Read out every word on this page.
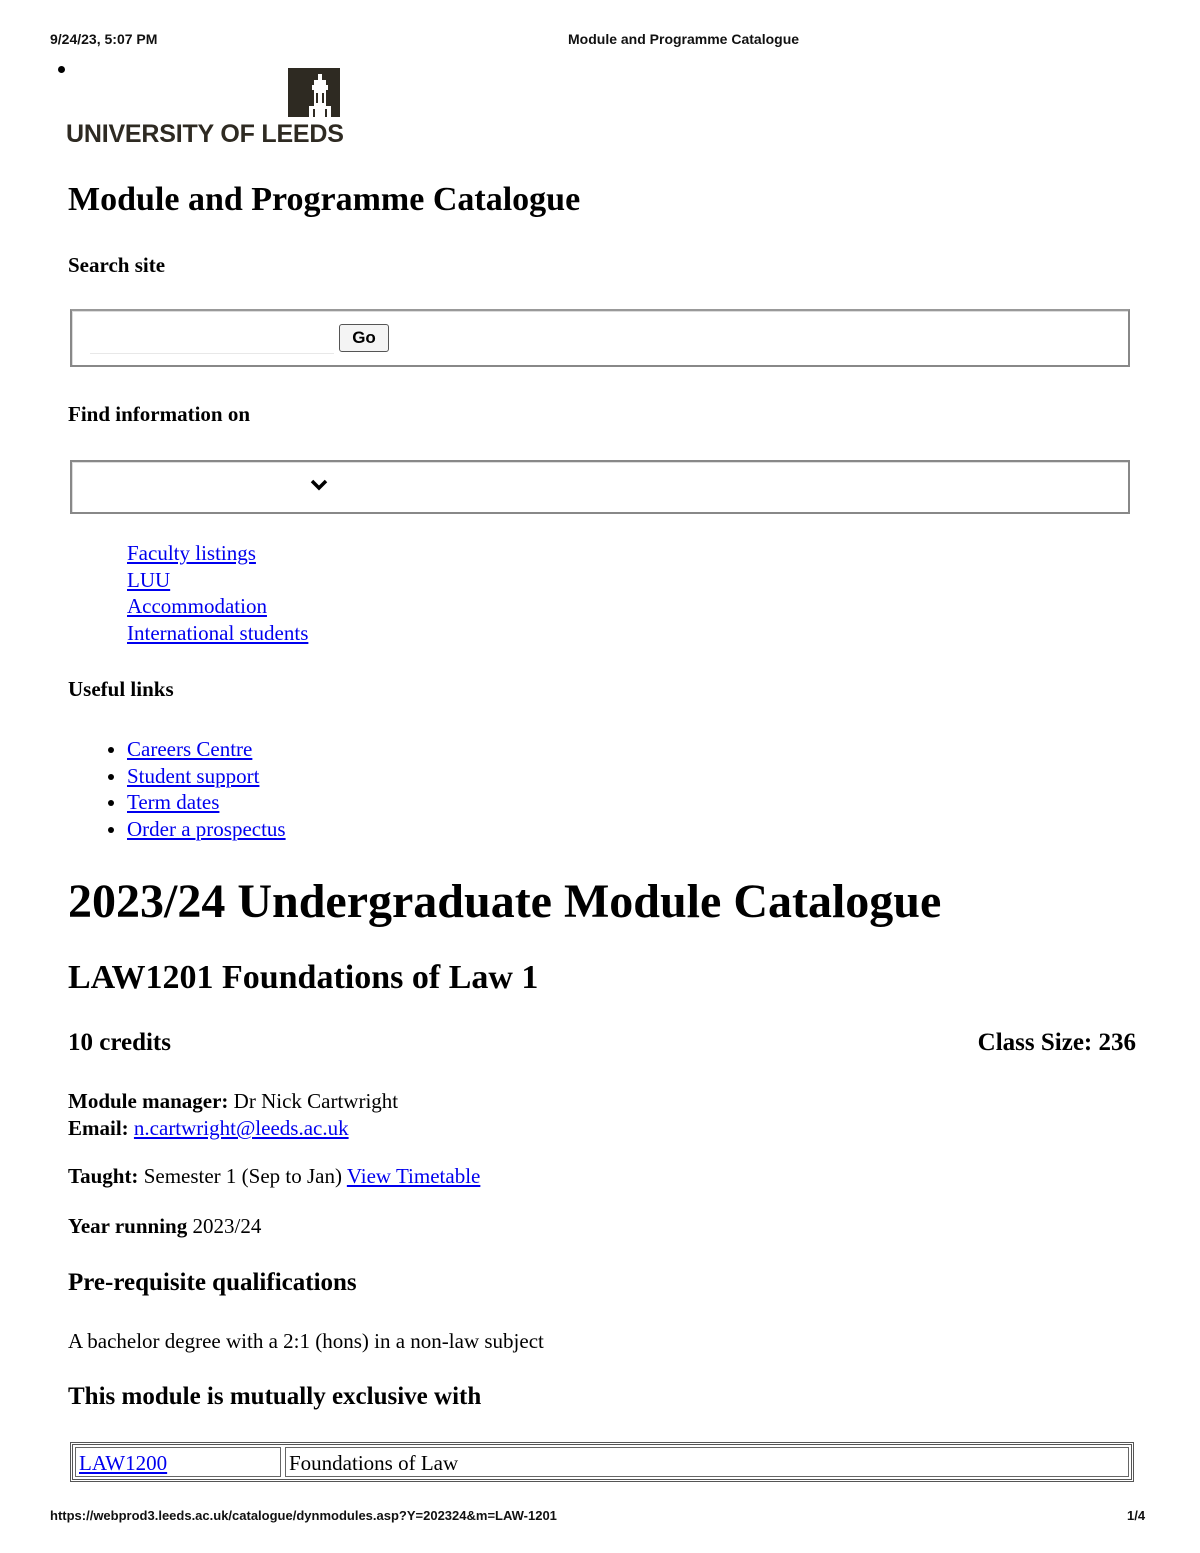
9/24/23, 5:07 PM	Module and Programme Catalogue
UNIVERSITY OF LEEDS
Module and Programme Catalogue
Search site
Go
Find information on
Faculty listings
LUU
Accommodation
International students
Useful links
• Careers Centre
• Student support
• Term dates
• Order a prospectus
2023/24 Undergraduate Module Catalogue
LAW1201 Foundations of Law 1
10 credits	Class Size: 236
Module manager: Dr Nick Cartwright
Email: n.cartwright@leeds.ac.uk
Taught: Semester 1 (Sep to Jan) View Timetable
Year running 2023/24
Pre-requisite qualifications
A bachelor degree with a 2:1 (hons) in a non-law subject
This module is mutually exclusive with
LAW1200	Foundations of Law
https://webprod3.leeds.ac.uk/catalogue/dynmodules.asp?Y=202324&m=LAW-1201	1/4
